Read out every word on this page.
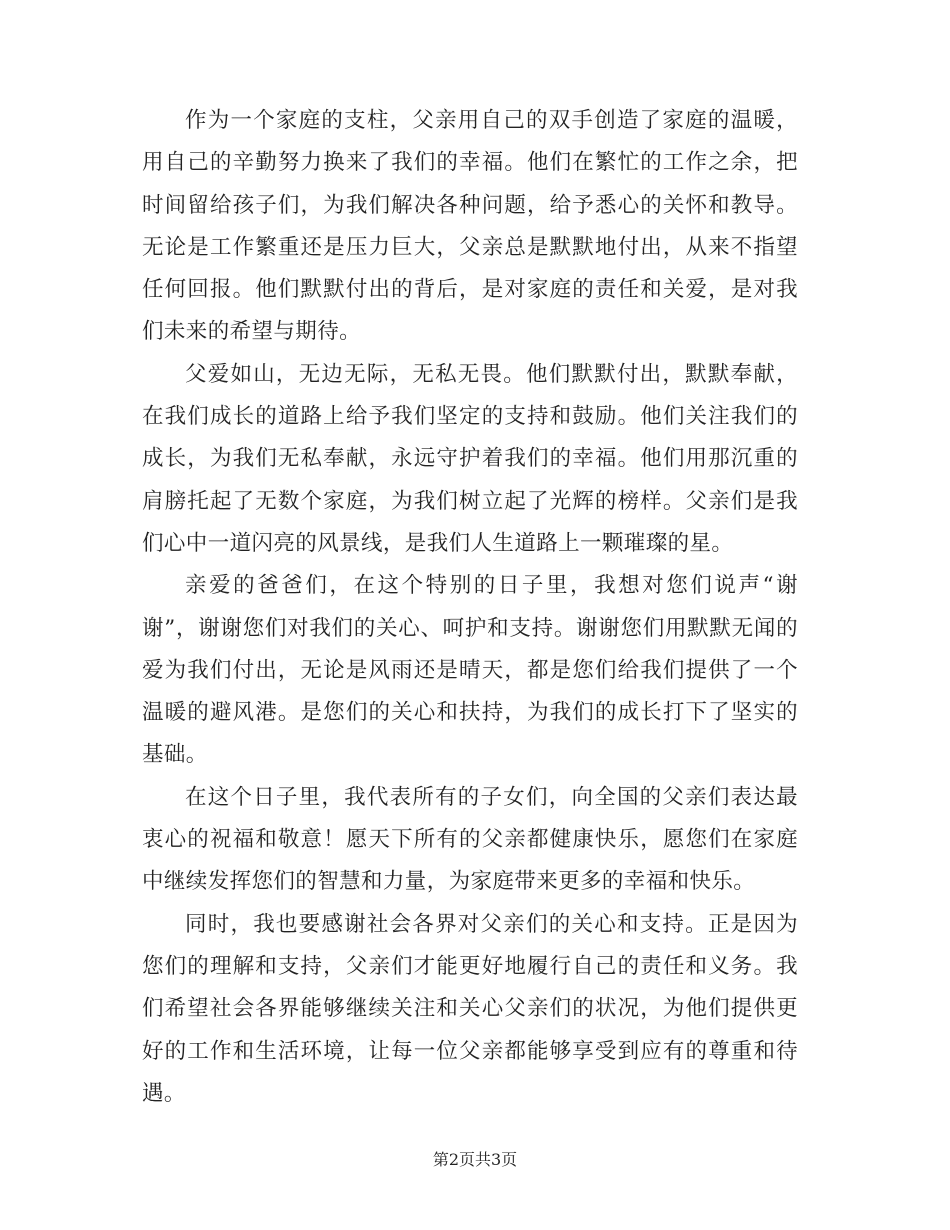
作为一个家庭的支柱，父亲用自己的双手创造了家庭的温暖，用自己的辛勤努力换来了我们的幸福。他们在繁忙的工作之余，把时间留给孩子们，为我们解决各种问题，给予悉心的关怀和教导。无论是工作繁重还是压力巨大，父亲总是默默地付出，从来不指望任何回报。他们默默付出的背后，是对家庭的责任和关爱，是对我们未来的希望与期待。

父爱如山，无边无际，无私无畏。他们默默付出，默默奉献，在我们成长的道路上给予我们坚定的支持和鼓励。他们关注我们的成长，为我们无私奉献，永远守护着我们的幸福。他们用那沉重的肩膀托起了无数个家庭，为我们树立起了光辉的榜样。父亲们是我们心中一道闪亮的风景线，是我们人生道路上一颗璀璨的星。

亲爱的爸爸们，在这个特别的日子里，我想对您们说声“谢谢”，谢谢您们对我们的关心、呵护和支持。谢谢您们用默默无闻的爱为我们付出，无论是风雨还是晴天，都是您们给我们提供了一个温暖的避风港。是您们的关心和扶持，为我们的成长打下了坚实的基础。

在这个日子里，我代表所有的子女们，向全国的父亲们表达最衷心的祝福和敬意！愿天下所有的父亲都健康快乐，愿您们在家庭中继续发挥您们的智慧和力量，为家庭带来更多的幸福和快乐。

同时，我也要感谢社会各界对父亲们的关心和支持。正是因为您们的理解和支持，父亲们才能更好地履行自己的责任和义务。我们希望社会各界能够继续关注和关心父亲们的状况，为他们提供更好的工作和生活环境，让每一位父亲都能够享受到应有的尊重和待遇。

第2页共3页
